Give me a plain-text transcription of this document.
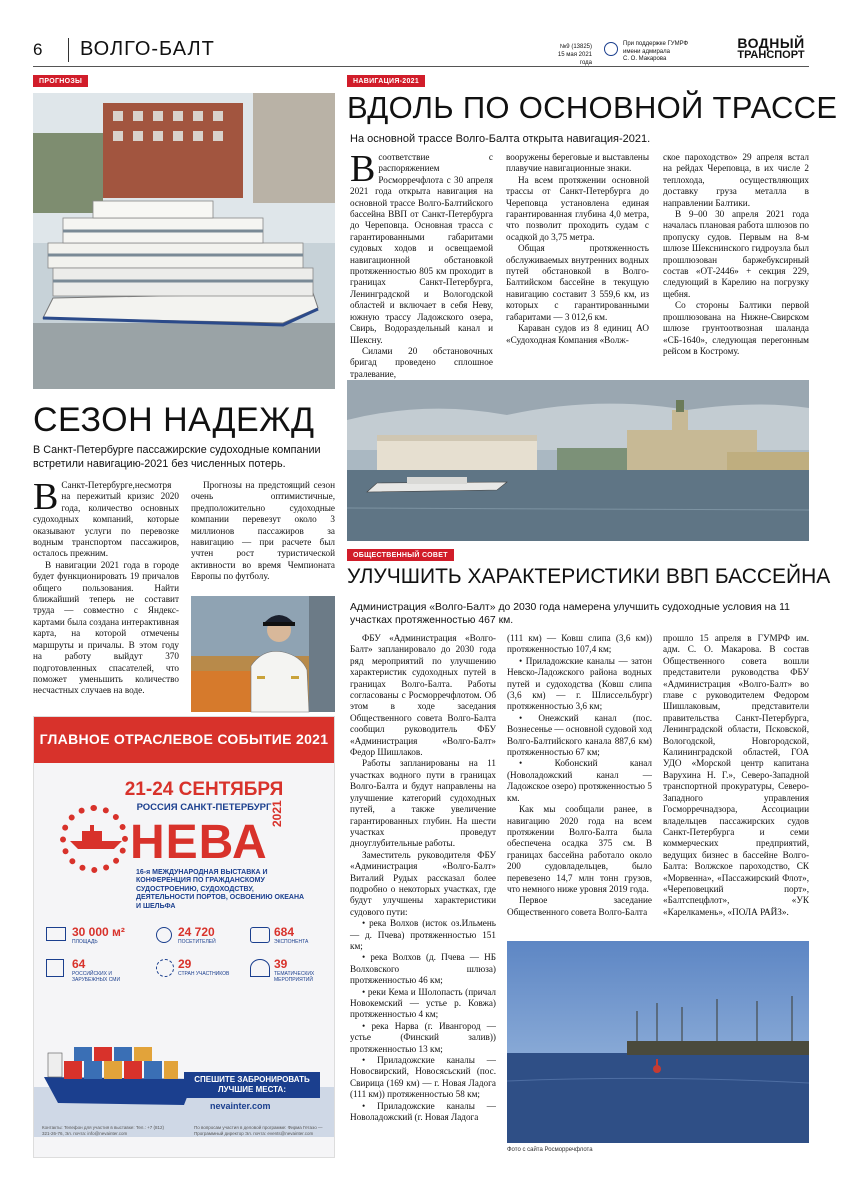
6 ВОЛГО-БАЛТ	№9 (13825)
15 мая 2021 года
При поддержке ГУМРФ
имени адмирала
С. О. Макарова
ВОДНЫЙ
ТРАНСПОРТ
ПРОГНОЗЫ
СЕЗОН НАДЕЖД
В Санкт-Петербурге пассажирские судоходные компании встретили навигацию-2021 без численных потерь.
В Санкт-Петербурге,несмотря на пережитый кризис 2020 года, количество основных судоходных компаний, которые оказывают услуги по перевозке водным транспортом пассажиров, осталось прежним.

В навигации 2021 года в городе будет функционировать 19 причалов общего пользования. Найти ближайший теперь не составит труда — совместно с Яндекс-картами была создана интерактивная карта, на которой отмечены маршруты и причалы. В этом году на работу выйдут 370 подготовленных спасателей, что поможет уменьшить количество несчастных случаев на воде.

Прогнозы на предстоящий сезон очень оптимистичные, предположительно судоходные компании перевезут около 3 миллионов пассажиров за навигацию — при расчете был учтен рост туристической активности во время Чемпионата Европы по футболу.

НАВИГАЦИЯ-2021
ВДОЛЬ ПО ОСНОВНОЙ ТРАССЕ
На основной трассе Волго-Балта открыта навигация-2021.
В соответствие с распоряжением Росморречфлота с 30 апреля 2021 года открыта навигация на основной трассе Волго-Балтийского бассейна ВВП от Санкт-Петербурга до Череповца. Основная трасса с гарантированными габаритами судовых ходов и освещаемой навигационной обстановкой протяженностью 805 км проходит в границах Санкт-Петербурга, Ленинградской и Вологодской областей и включает в себя Неву, южную трассу Ладожского озера, Свирь, Водораздельный канал и Шексну.

Силами 20 обстановочных бригад проведено сплошное тралевание,

вооружены береговые и выставлены плавучие навигационные знаки.

На всем протяжении основной трассы от Санкт-Петербурга до Череповца установлена единая гарантированная глубина 4,0 метра, что позволит проходить судам с осадкой до 3,75 метра.

Общая протяженность обслуживаемых внутренних водных путей обстановкой в Волго-Балтийском бассейне в текущую навигацию составит 3 559,6 км, из которых с гарантированными габаритами — 3 012,6 км.

Караван судов из 8 единиц АО «Судоходная Компания «Волж-

ское пароходство» 29 апреля встал на рейдах Череповца, в их числе 2 теплохода, осуществляющих доставку груза металла в направлении Балтики.

В 9–00 30 апреля 2021 года началась плановая работа шлюзов по пропуску судов. Первым на 8-м шлюзе Шекснинского гидроузла был прошлюзован баржебуксирный состав «ОТ-2446» + секция 229, следующий в Карелию на погрузку щебня.

Со стороны Балтики первой прошлюзована на Нижне-Свирском шлюзе грунтоотвозная шаланда «СБ-1640», следующая перегонным рейсом в Кострому.

ОБЩЕСТВЕННЫЙ СОВЕТ
УЛУЧШИТЬ ХАРАКТЕРИСТИКИ ВВП БАССЕЙНА
Администрация «Волго-Балт» до 2030 года намерена улучшить судоходные условия на 11 участках протяженностью 467 км.

ФБУ «Администрация «Волго-Балт» запланировало до 2030 года ряд мероприятий по улучшению характеристик судоходных путей в границах Волго-Балта. Работы согласованы с Росморречфлотом. Об этом в ходе заседания Общественного совета Волго-Балта сообщил руководитель ФБУ «Администрация «Волго-Балт» Федор Шишлаков.

Работы запланированы на 11 участках водного пути в границах Волго-Балта и будут направлены на улучшение категорий судоходных путей, а также увеличение гарантированных глубин. На шести участках проведут дноуглубительные работы.

Заместитель руководителя ФБУ «Администрация «Волго-Балт» Виталий Рудых рассказал более подробно о некоторых участках, где будут улучшены характеристики судового пути:

• река Волхов (исток оз.Ильмень — д. Пчева) протяженностью 151 км;

• река Волхов (д. Пчева — НБ Волховского шлюза) протяженностью 46 км;

• реки Кема и Шолопасть (причал Новокемский — устье р. Ковжа) протяженностью 4 км;

• река Нарва (г. Ивангород — устье (Финский залив)) протяженностью 13 км;

• Приладожские каналы — Новосвирский, Новосясьский (пос. Свирица (169 км) — г. Новая Ладога (111 км)) протяженностью 58 км;

• Приладожские каналы — Новоладожский (г. Новая Ладога

(111 км) — Ковш слипа (3,6 км)) протяженностью 107,4 км;

• Приладожские каналы — затон Невско-Ладожского района водных путей и судоходства (Ковш слипа (3,6 км) — г. Шлиссельбург) протяженностью 3,6 км;

• Онежский канал (пос. Вознесенье — основной судовой ход Волго-Балтийского канала 887,6 км) протяженностью 67 км;

• Кобонский канал (Новоладожский канал — Ладожское озеро) протяженностью 5 км.

Как мы сообщали ранее, в навигацию 2020 года на всем протяжении Волго-Балта была обеспечена осадка 375 см. В границах бассейна работало около 200 судовладельцев, было перевезено 14,7 млн тонн грузов, что немного ниже уровня 2019 года.

Первое заседание Общественного совета Волго-Балта

прошло 15 апреля в ГУМРФ им. адм. С. О. Макарова. В состав Общественного совета вошли представители руководства ФБУ «Администрация «Волго-Балт» во главе с руководителем Федором Шишлаковым, представители правительства Санкт-Петербурга, Ленинградской области, Псковской, Вологодской, Новгородской, Калининградской областей, ГОА УДО «Морской центр капитана Варухина Н. Г.», Северо-Западной транспортной прокуратуры, Северо-Западного управления Госморречнадзора, Ассоциации владельцев пассажирских судов Санкт-Петербурга и семи коммерческих предприятий, ведущих бизнес в бассейне Волго-Балта: Волжское пароходство, СК «Морвенна», «Пассажирский Флот», «Череповецкий порт», «Балтспецфлот», «УК «Карелкамень», «ПОЛА РАЙЗ».

Фото с сайта Росморречфлота
ГЛАВНОЕ ОТРАСЛЕВОЕ СОБЫТИЕ 2021
21-24 СЕНТЯБРЯ
РОССИЯ САНКТ-ПЕТЕРБУРГ
НЕВА
2021
16-я МЕЖДУНАРОДНАЯ ВЫСТАВКА И КОНФЕРЕНЦИЯ ПО ГРАЖДАНСКОМУ СУДОСТРОЕНИЮ, СУДОХОДСТВУ, ДЕЯТЕЛЬНОСТИ ПОРТОВ, ОСВОЕНИЮ ОКЕАНА И ШЕЛЬФА
30 000 м²
ПЛОЩАДЬ
24 720
ПОСЕТИТЕЛЕЙ
684
ЭКСПОНЕНТА
64
РОССИЙСКИХ И ЗАРУБЕЖНЫХ СМИ
29
СТРАН УЧАСТНИКОВ
39
ТЕМАТИЧЕСКИХ МЕРОПРИЯТИЙ
СПЕШИТЕ ЗАБРОНИРОВАТЬ ЛУЧШИЕ МЕСТА:
nevainter.com
Контакты: Телефон для участия в выставке: Тел.: +7 (812) 321-26-76, Эл. почта: info@nevainter.com
По вопросам участия в деловой программе: Фирма Гетаэо — Программный директор Эл. почта: events@nevainter.com
